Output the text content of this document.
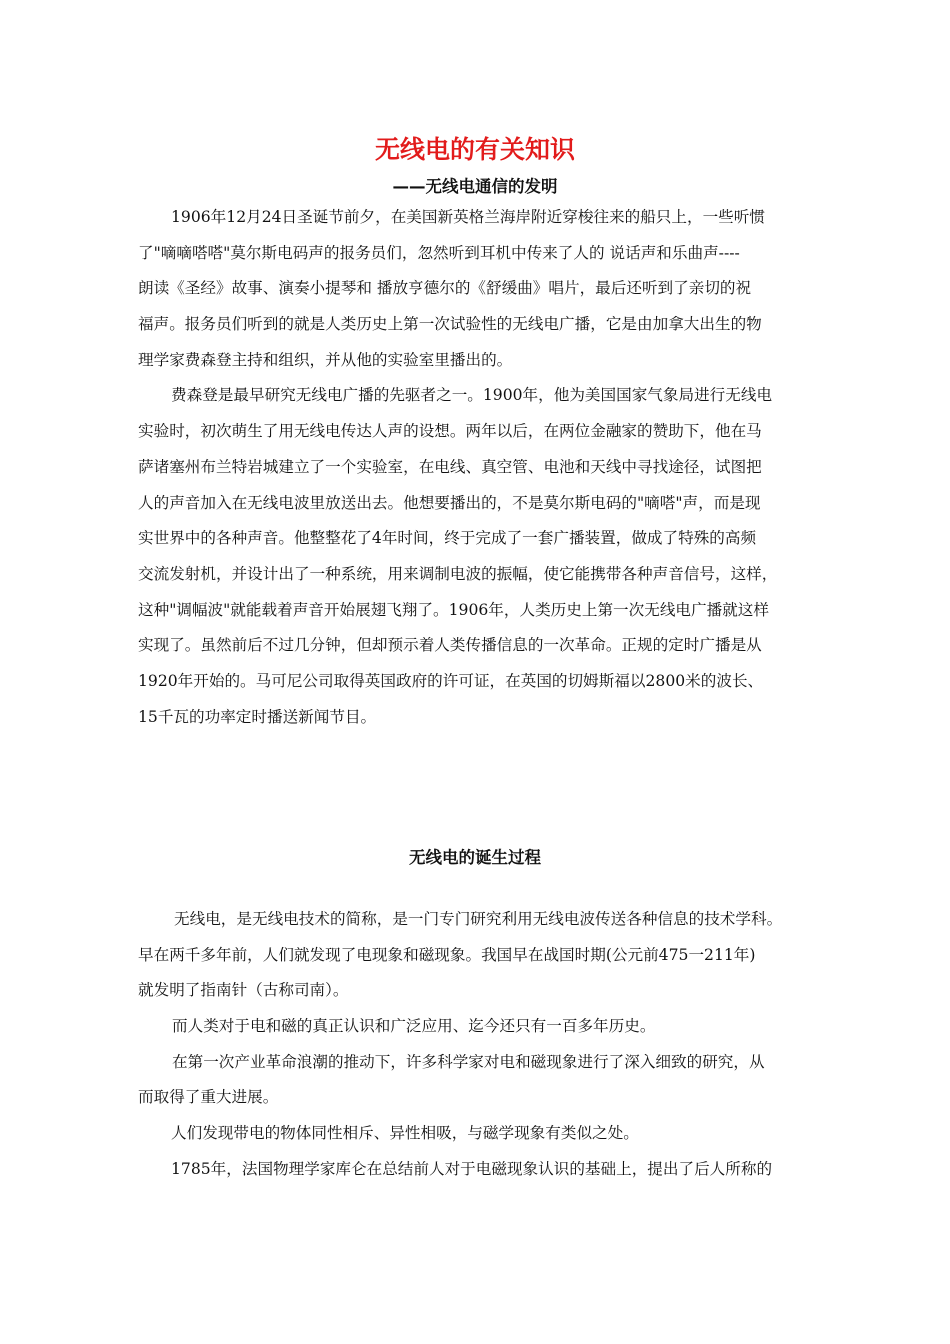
无线电的有关知识
——无线电通信的发明
1906年12月24日圣诞节前夕，在美国新英格兰海岸附近穿梭往来的船只上，一些听惯
了"嘀嘀嗒嗒"莫尔斯电码声的报务员们，忽然听到耳机中传来了人的 说话声和乐曲声----
朗读《圣经》故事、演奏小提琴和 播放亨德尔的《舒缓曲》唱片，最后还听到了亲切的祝
福声。报务员们听到的就是人类历史上第一次试验性的无线电广播，它是由加拿大出生的物
理学家费森登主持和组织，并从他的实验室里播出的。
费森登是最早研究无线电广播的先驱者之一。1900年，他为美国国家气象局进行无线电
实验时，初次萌生了用无线电传达人声的设想。两年以后，在两位金融家的赞助下，他在马
萨诸塞州布兰特岩城建立了一个实验室，在电线、真空管、电池和天线中寻找途径，试图把
人的声音加入在无线电波里放送出去。他想要播出的，不是莫尔斯电码的"嘀嗒"声，而是现
实世界中的各种声音。他整整花了4年时间，终于完成了一套广播装置，做成了特殊的高频
交流发射机，并设计出了一种系统，用来调制电波的振幅，使它能携带各种声音信号，这样，
这种"调幅波"就能载着声音开始展翅飞翔了。1906年，人类历史上第一次无线电广播就这样
实现了。虽然前后不过几分钟，但却预示着人类传播信息的一次革命。正规的定时广播是从
1920年开始的。马可尼公司取得英国政府的许可证，在英国的切姆斯福以2800米的波长、
15千瓦的功率定时播送新闻节目。
无线电的诞生过程
无线电，是无线电技术的简称，是一门专门研究利用无线电波传送各种信息的技术学科。
早在两千多年前，人们就发现了电现象和磁现象。我国早在战国时期(公元前475一211年)
就发明了指南针（古称司南）。
而人类对于电和磁的真正认识和广泛应用、迄今还只有一百多年历史。
在第一次产业革命浪潮的推动下，许多科学家对电和磁现象进行了深入细致的研究，从
而取得了重大进展。
人们发现带电的物体同性相斥、异性相吸，与磁学现象有类似之处。
1785年，法国物理学家库仑在总结前人对于电磁现象认识的基础上，提出了后人所称的
